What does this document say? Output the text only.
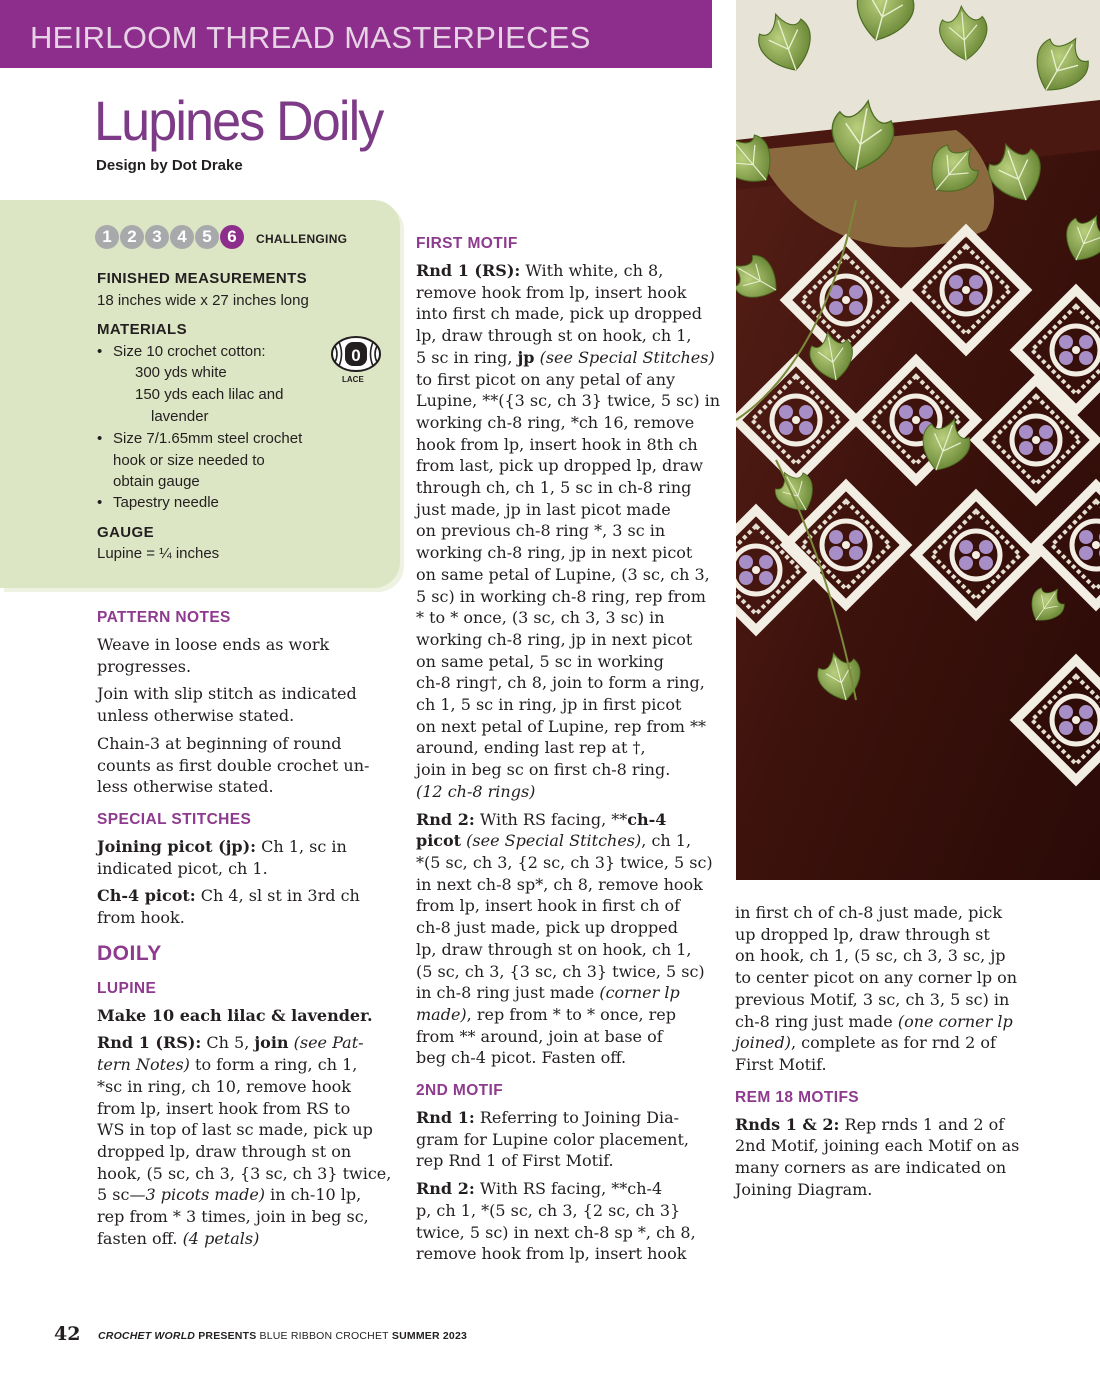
HEIRLOOM THREAD MASTERPIECES
Lupines Doily
Design by Dot Drake
1 2 3 4 5 6	CHALLENGING
FINISHED MEASUREMENTS
18 inches wide x 27 inches long
MATERIALS
• Size 10 crochet cotton:
300 yds white
150 yds each lilac and
lavender
• Size 7/1.65mm steel crochet
hook or size needed to
obtain gauge
• Tapestry needle
0
LACE
GAUGE
Lupine = ¼ inches
PATTERN NOTES
Weave in loose ends as work
progresses.
Join with slip stitch as indicated
unless otherwise stated.
Chain-3 at beginning of round
counts as first double crochet un-
less otherwise stated.
SPECIAL STITCHES
Joining picot (jp): Ch 1, sc in
indicated picot, ch 1.
Ch-4 picot: Ch 4, sl st in 3rd ch
from hook.
DOILY
LUPINE
Make 10 each lilac & lavender.
Rnd 1 (RS): Ch 5, join (see Pat-
tern Notes) to form a ring, ch 1,
*sc in ring, ch 10, remove hook
from lp, insert hook from RS to
WS in top of last sc made, pick up
dropped lp, draw through st on
hook, (5 sc, ch 3, {3 sc, ch 3} twice,
5 sc—3 picots made) in ch-10 lp,
rep from * 3 times, join in beg sc,
fasten off. (4 petals)
FIRST MOTIF
Rnd 1 (RS): With white, ch 8,
remove hook from lp, insert hook
into first ch made, pick up dropped
lp, draw through st on hook, ch 1,
5 sc in ring, jp (see Special Stitches)
to first picot on any petal of any
Lupine, **({3 sc, ch 3} twice, 5 sc) in
working ch-8 ring, *ch 16, remove
hook from lp, insert hook in 8th ch
from last, pick up dropped lp, draw
through ch, ch 1, 5 sc in ch-8 ring
just made, jp in last picot made
on previous ch-8 ring *, 3 sc in
working ch-8 ring, jp in next picot
on same petal of Lupine, (3 sc, ch 3,
5 sc) in working ch-8 ring, rep from
* to * once, (3 sc, ch 3, 3 sc) in
working ch-8 ring, jp in next picot
on same petal, 5 sc in working
ch-8 ring†, ch 8, join to form a ring,
ch 1, 5 sc in ring, jp in first picot
on next petal of Lupine, rep from **
around, ending last rep at †,
join in beg sc on first ch-8 ring.
(12 ch-8 rings)
Rnd 2: With RS facing, **ch-4
picot (see Special Stitches), ch 1,
*(5 sc, ch 3, {2 sc, ch 3} twice, 5 sc)
in next ch-8 sp*, ch 8, remove hook
from lp, insert hook in first ch of
ch-8 just made, pick up dropped
lp, draw through st on hook, ch 1,
(5 sc, ch 3, {3 sc, ch 3} twice, 5 sc)
in ch-8 ring just made (corner lp
made), rep from * to * once, rep
from ** around, join at base of
beg ch-4 picot. Fasten off.
2ND MOTIF
Rnd 1: Referring to Joining Dia-
gram for Lupine color placement,
rep Rnd 1 of First Motif.
Rnd 2: With RS facing, **ch-4
p, ch 1, *(5 sc, ch 3, {2 sc, ch 3}
twice, 5 sc) in next ch-8 sp *, ch 8,
remove hook from lp, insert hook
in first ch of ch-8 just made, pick
up dropped lp, draw through st
on hook, ch 1, (5 sc, ch 3, 3 sc, jp
to center picot on any corner lp on
previous Motif, 3 sc, ch 3, 5 sc) in
ch-8 ring just made (one corner lp
joined), complete as for rnd 2 of
First Motif.
REM 18 MOTIFS
Rnds 1 & 2: Rep rnds 1 and 2 of
2nd Motif, joining each Motif on as
many corners as are indicated on
Joining Diagram.
42 CROCHET WORLD PRESENTS BLUE RIBBON CROCHET SUMMER 2023
